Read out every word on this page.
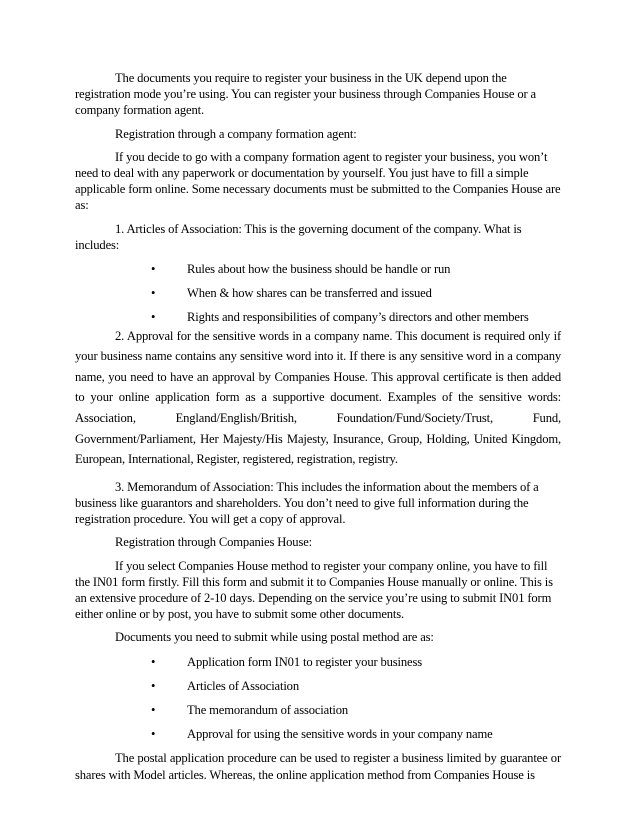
The documents you require to register your business in the UK depend upon the registration mode you’re using. You can register your business through Companies House or a company formation agent.

Registration through a company formation agent:

If you decide to go with a company formation agent to register your business, you won’t need to deal with any paperwork or documentation by yourself. You just have to fill a simple applicable form online. Some necessary documents must be submitted to the Companies House are as:

1. Articles of Association: This is the governing document of the company. What is includes:

•	Rules about how the business should be handle or run
•	When & how shares can be transferred and issued
•	Rights and responsibilities of company’s directors and other members

2. Approval for the sensitive words in a company name. This document is required only if your business name contains any sensitive word into it. If there is any sensitive word in a company name, you need to have an approval by Companies House. This approval certificate is then added to your online application form as a supportive document. Examples of the sensitive words: Association, England/English/British, Foundation/Fund/Society/Trust, Fund, Government/Parliament, Her Majesty/His Majesty, Insurance, Group, Holding, United Kingdom, European, International, Register, registered, registration, registry.

3. Memorandum of Association: This includes the information about the members of a business like guarantors and shareholders. You don’t need to give full information during the registration procedure. You will get a copy of approval.

Registration through Companies House:

If you select Companies House method to register your company online, you have to fill the IN01 form firstly. Fill this form and submit it to Companies House manually or online. This is an extensive procedure of 2-10 days. Depending on the service you’re using to submit IN01 form either online or by post, you have to submit some other documents.

Documents you need to submit while using postal method are as:

•	Application form IN01 to register your business
•	Articles of Association
•	The memorandum of association
•	Approval for using the sensitive words in your company name

The postal application procedure can be used to register a business limited by guarantee or shares with Model articles. Whereas, the online application method from Companies House is
